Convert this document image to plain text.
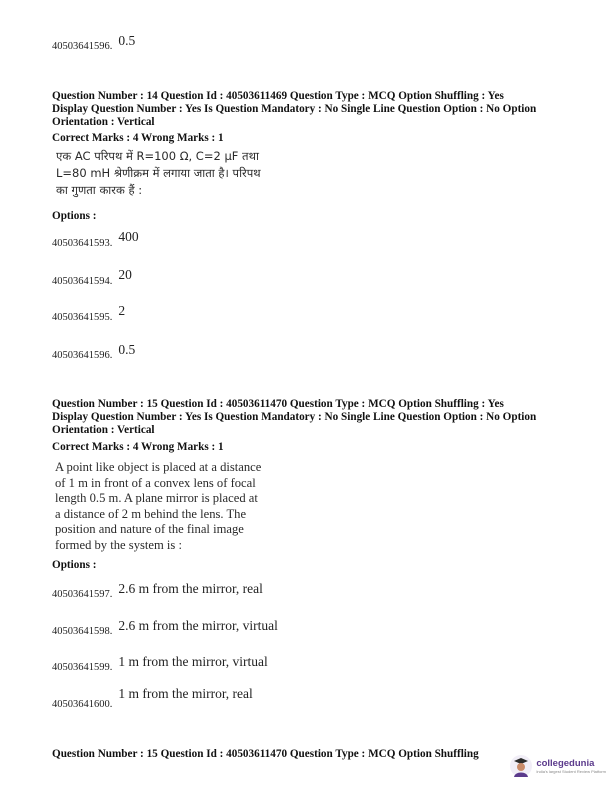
40503641596. $^{0.5}$
Question Number : 14 Question Id : 40503611469 Question Type : MCQ Option Shuffling : Yes
Display Question Number : Yes Is Question Mandatory : No Single Line Question Option : No Option
Orientation : Vertical
Correct Marks : 4 Wrong Marks : 1
एक AC परिपथ में R=100 Ω, C=2 μF तथा
L=80 mH श्रेणीक्रम में लगाया जाता है। परिपथ
का गुणता कारक हैं :
Options :
40503641593. $^{400}$
40503641594. $^{20}$
40503641595. $^2$
40503641596. $^{0.5}$
Question Number : 15 Question Id : 40503611470 Question Type : MCQ Option Shuffling : Yes
Display Question Number : Yes Is Question Mandatory : No Single Line Question Option : No Option
Orientation : Vertical
Correct Marks : 4 Wrong Marks : 1
A point like object is placed at a distance
of 1 m in front of a convex lens of focal
length 0.5 m. A plane mirror is placed at
a distance of 2 m behind the lens. The
position and nature of the final image
formed by the system is :
Options :
40503641597. $^{2.6 m from the mirror, real}$
40503641598. $^{2.6 m from the mirror, virtual}$
40503641599. $^{1 m from the mirror, virtual}$
40503641600. $^{1 m from the mirror, real}$
Question Number : 15 Question Id : 40503611470 Question Type : MCQ Option Shuffling
collegedunia
India's largest Student Review Platform
